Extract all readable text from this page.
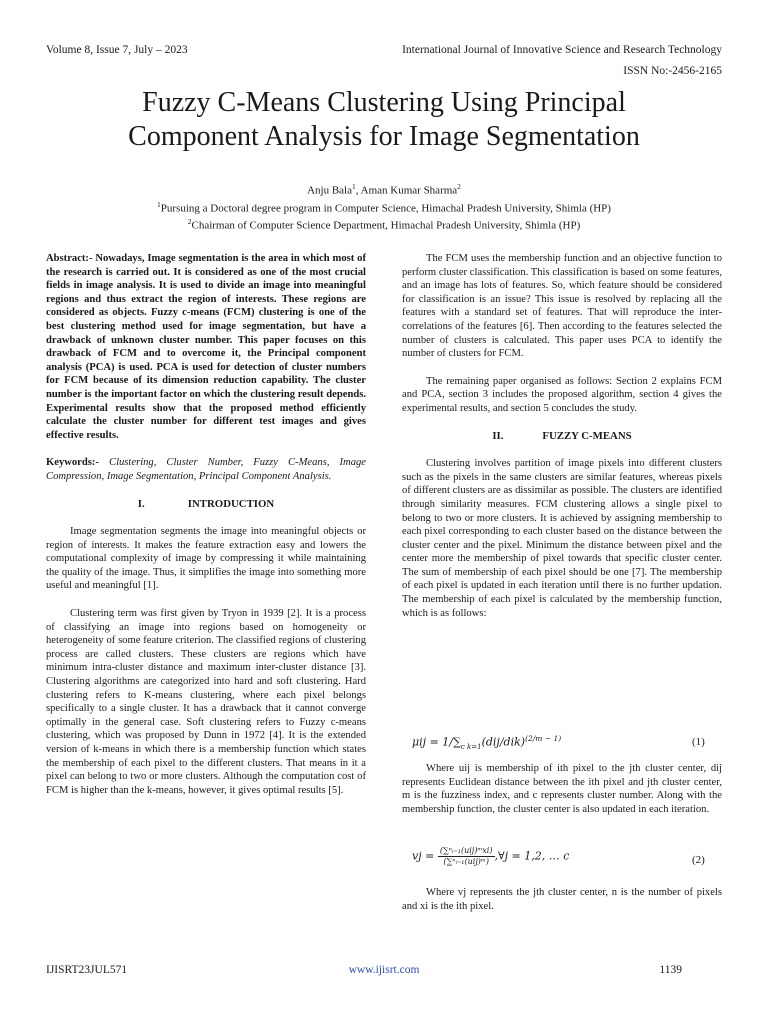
Volume 8, Issue 7, July – 2023	International Journal of Innovative Science and Research Technology
ISSN No:-2456-2165
Fuzzy C-Means Clustering Using Principal
Component Analysis for Image Segmentation
Anju Bala$^1$, Aman Kumar Sharma$^2$
$^1$Pursuing a Doctoral degree program in Computer Science, Himachal Pradesh University, Shimla (HP)
$^2$Chairman of Computer Science Department, Himachal Pradesh University, Shimla (HP)

Abstract:- Nowadays, Image segmentation is the area in which most of the research is carried out. It is considered as one of the most crucial fields in image analysis. It is used to divide an image into meaningful regions and thus extract the region of interests. These regions are considered as objects. Fuzzy c-means (FCM) clustering is one of the best clustering method used for image segmentation, but have a drawback of unknown cluster number. This paper focuses on this drawback of FCM and to overcome it, the Principal component analysis (PCA) is used. PCA is used for detection of cluster numbers for FCM because of its dimension reduction capability. The cluster number is the important factor on which the clustering result depends. Experimental results show that the proposed method efficiently calculate the cluster number for different test images and gives effective results.

Keywords:- Clustering, Cluster Number, Fuzzy C-Means, Image Compression, Image Segmentation, Principal Component Analysis.

I.	INTRODUCTION

Image segmentation segments the image into meaningful objects or region of interests. It makes the feature extraction easy and lowers the computational complexity of image by compressing it while maintaining the quality of the image. Thus, it simplifies the image into something more useful and meaningful [1].

Clustering term was first given by Tryon in 1939 [2]. It is a process of classifying an image into regions based on homogeneity or heterogeneity of some feature criterion. The classified regions of clustering process are called clusters. These clusters are regions which have minimum intra-cluster distance and maximum inter-cluster distance [3]. Clustering algorithms are categorized into hard and soft clustering. Hard clustering refers to K-means clustering, where each pixel belongs specifically to a single cluster. It has a drawback that it cannot converge optimally in the general case. Soft clustering refers to Fuzzy c-means clustering, which was proposed by Dunn in 1972 [4]. It is the extended version of k-means in which there is a membership function which states the membership of each pixel to the different clusters. That means in it a pixel can belong to two or more clusters. Although the computation cost of FCM is higher than the k-means, however, it gives optimal results [5].

The FCM uses the membership function and an objective function to perform cluster classification. This classification is based on some features, and an image has lots of features. So, which feature should be considered for classification is an issue? This issue is resolved by replacing all the features with a standard set of features. That will reproduce the inter-correlations of the features [6]. Then according to the features selected the number of clusters is calculated. This paper uses PCA to identify the number of clusters for FCM.

The remaining paper organised as follows: Section 2 explains FCM and PCA, section 3 includes the proposed algorithm, section 4 gives the experimental results, and section 5 concludes the study.

II.	FUZZY C-MEANS

Clustering involves partition of image pixels into different clusters such as the pixels in the same clusters are similar features, whereas pixels of different clusters are as dissimilar as possible. The clusters are identified through similarity measures. FCM clustering allows a single pixel to belong to two or more clusters. It is achieved by assigning membership to each pixel corresponding to each cluster based on the distance between the cluster center and the pixel. Minimum the distance between pixel and the center more the membership of pixel towards that specific cluster center. The sum of membership of each pixel should be one [7]. The membership of each pixel is updated in each iteration until there is no further updation. The membership of each pixel is calculated by the membership function, which is as follows:

$\mu ij = 1/\sum_{c k=1}(dij/dik)^{(2/m - 1)}$	(1)

Where uij is membership of ith pixel to the jth cluster center, dij represents Euclidean distance between the ith pixel and jth cluster center, m is the fuzziness index, and c represents cluster number. Along with the membership function, the cluster center is also updated in each iteration.

vj = $\frac{\text{(∑ⁿᵢ₌₁(uij)ᵐxi)}}{\text{(∑ⁿᵢ₌₁(uij)ᵐ)}}$ ,∀j = 1,2, … c	(2)

Where vj represents the jth cluster center, n is the number of pixels and xi is the ith pixel.

IJISRT23JUL571	www.ijisrt.com	1139
